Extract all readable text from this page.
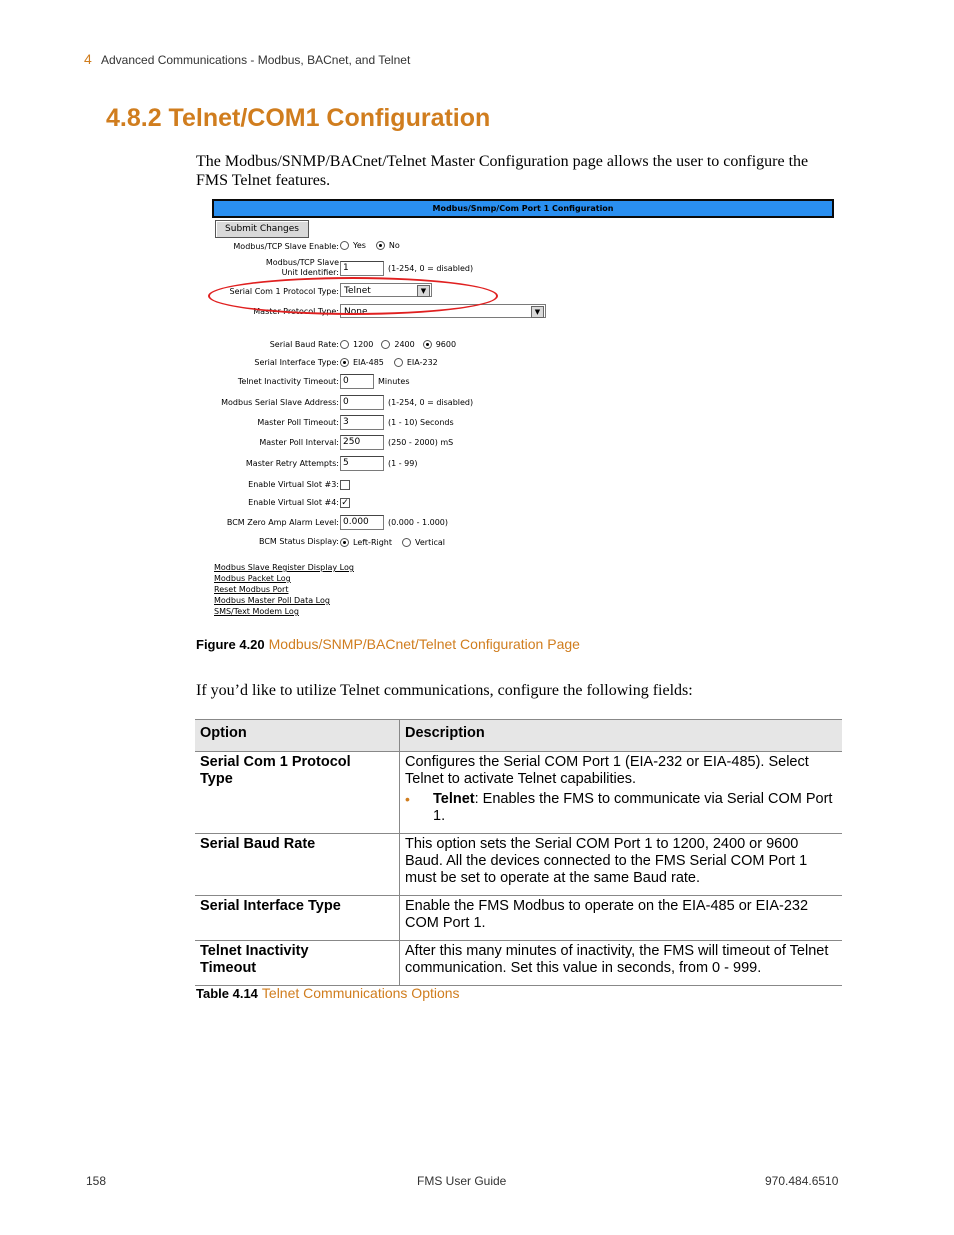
4 Advanced Communications - Modbus, BACnet, and Telnet
4.8.2 Telnet/COM1 Configuration
The Modbus/SNMP/BACnet/Telnet Master Configuration page allows the user to configure the FMS Telnet features.
Modbus/Snmp/Com Port 1 Configuration
Submit Changes
Modbus/TCP Slave Enable: Yes	No
Modbus/TCP Slave Unit Identifier: 1	(1-254, 0 = disabled)
Serial Com 1 Protocol Type: Telnet	▼
Master Protocol Type: None	▼
Serial Baud Rate: 1200	2400	9600
Serial Interface Type: EIA-485	EIA-232
Telnet Inactivity Timeout: 0	Minutes
Modbus Serial Slave Address: 0	(1-254, 0 = disabled)
Master Poll Timeout: 3	(1 - 10) Seconds
Master Poll Interval: 250	(250 - 2000) mS
Master Retry Attempts: 5	(1 - 99)
Enable Virtual Slot #3:
Enable Virtual Slot #4: ✓
BCM Zero Amp Alarm Level: 0.000	(0.000 - 1.000)
BCM Status Display: Left-Right	Vertical
Modbus Slave Register Display Log
Modbus Packet Log
Reset Modbus Port
Modbus Master Poll Data Log
SMS/Text Modem Log
Figure 4.20 Modbus/SNMP/BACnet/Telnet Configuration Page
If you’d like to utilize Telnet communications, configure the following fields:
Option	Description
Serial Com 1 Protocol Type	Configures the Serial COM Port 1 (EIA-232 or EIA-485). Select Telnet to activate Telnet capabilities.
• Telnet: Enables the FMS to communicate via Serial COM Port 1.

Serial Baud Rate	This option sets the Serial COM Port 1 to 1200, 2400 or 9600 Baud. All the devices connected to the FMS Serial COM Port 1 must be set to operate at the same Baud rate.
Serial Interface Type	Enable the FMS Modbus to operate on the EIA-485 or EIA-232 COM Port 1.
Telnet Inactivity Timeout	After this many minutes of inactivity, the FMS will timeout of Telnet communication. Set this value in seconds, from 0 - 999.
Table 4.14 Telnet Communications Options
158	FMS User Guide	970.484.6510
